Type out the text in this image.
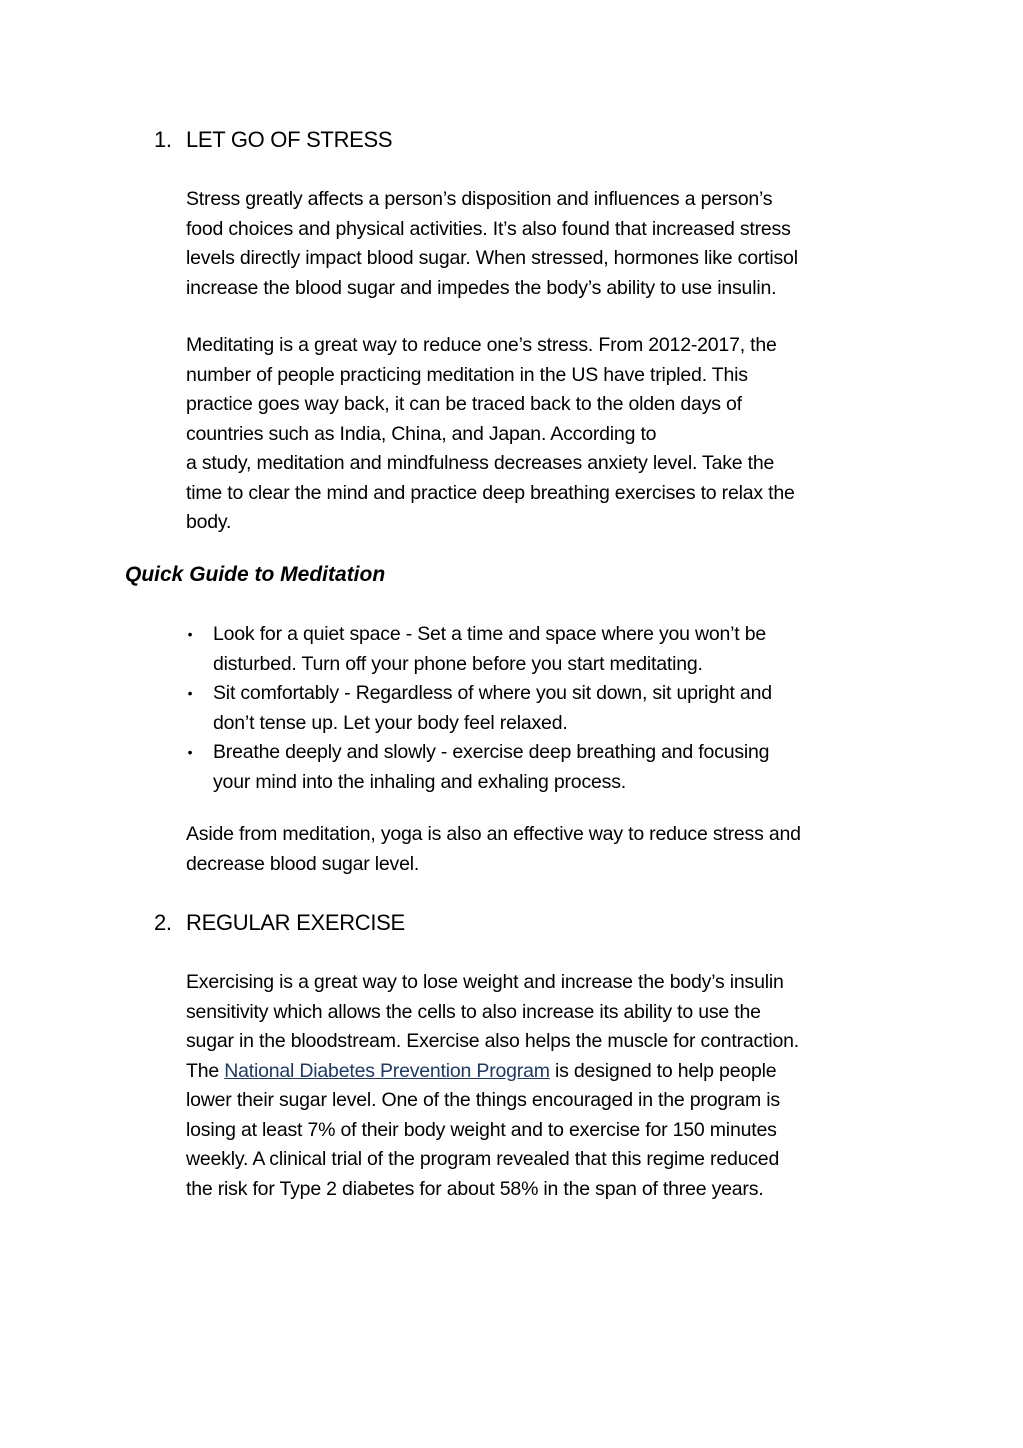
1. LET GO OF STRESS

Stress greatly affects a person’s disposition and influences a person’s
food choices and physical activities. It’s also found that increased stress
levels directly impact blood sugar. When stressed, hormones like cortisol
increase the blood sugar and impedes the body’s ability to use insulin.

Meditating is a great way to reduce one’s stress. From 2012-2017, the
number of people practicing meditation in the US have tripled. This
practice goes way back, it can be traced back to the olden days of
countries such as India, China, and Japan. According to
a study, meditation and mindfulness decreases anxiety level. Take the
time to clear the mind and practice deep breathing exercises to relax the
body.

Quick Guide to Meditation
• Look for a quiet space - Set a time and space where you won’t be
disturbed. Turn off your phone before you start meditating.
• Sit comfortably - Regardless of where you sit down, sit upright and
don’t tense up. Let your body feel relaxed.
• Breathe deeply and slowly - exercise deep breathing and focusing
your mind into the inhaling and exhaling process.

Aside from meditation, yoga is also an effective way to reduce stress and
decrease blood sugar level.

2. REGULAR EXERCISE

Exercising is a great way to lose weight and increase the body’s insulin
sensitivity which allows the cells to also increase its ability to use the
sugar in the bloodstream. Exercise also helps the muscle for contraction.
The National Diabetes Prevention Program is designed to help people
lower their sugar level. One of the things encouraged in the program is
losing at least 7% of their body weight and to exercise for 150 minutes
weekly. A clinical trial of the program revealed that this regime reduced
the risk for Type 2 diabetes for about 58% in the span of three years.
